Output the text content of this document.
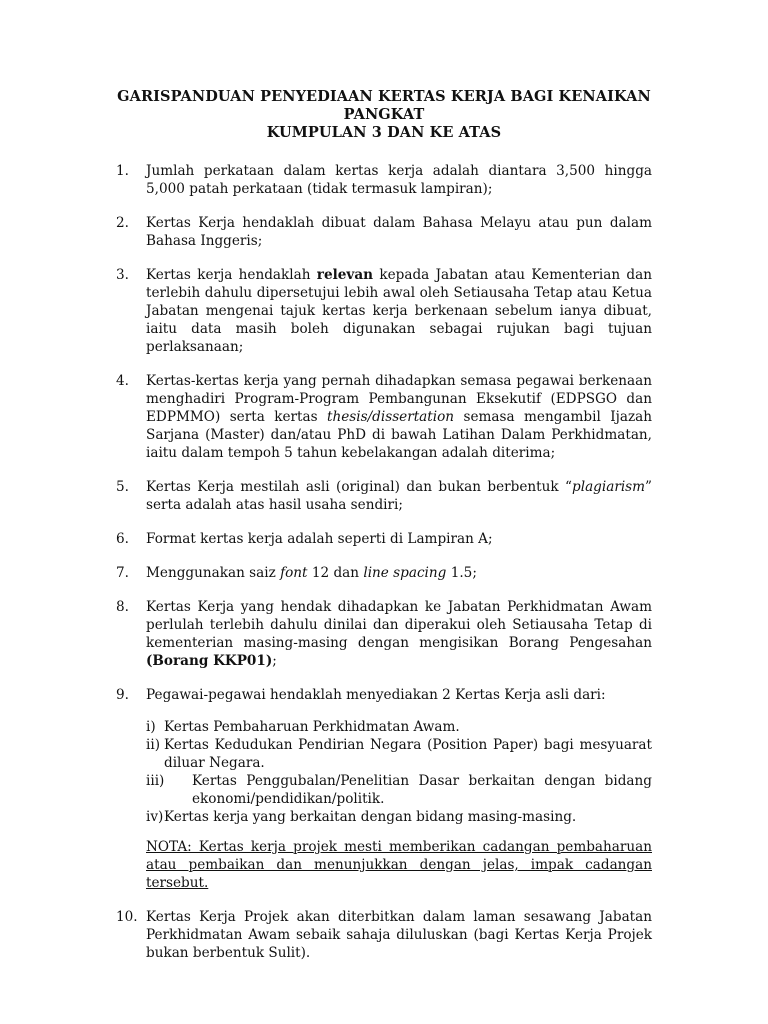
GARISPANDUAN PENYEDIAAN KERTAS KERJA BAGI KENAIKAN PANGKAT
KUMPULAN 3 DAN KE ATAS
1.	Jumlah perkataan dalam kertas kerja adalah diantara 3,500 hingga 5,000 patah perkataan (tidak termasuk lampiran);
2.	Kertas Kerja hendaklah dibuat dalam Bahasa Melayu atau pun dalam Bahasa Inggeris;
3.	Kertas kerja hendaklah relevan kepada Jabatan atau Kementerian dan terlebih dahulu dipersetujui lebih awal oleh Setiausaha Tetap atau Ketua Jabatan mengenai tajuk kertas kerja berkenaan sebelum ianya dibuat, iaitu data masih boleh digunakan sebagai rujukan bagi tujuan perlaksanaan;
4.	Kertas-kertas kerja yang pernah dihadapkan semasa pegawai berkenaan menghadiri Program-Program Pembangunan Eksekutif (EDPSGO dan EDPMMO) serta kertas thesis/dissertation semasa mengambil Ijazah Sarjana (Master) dan/atau PhD di bawah Latihan Dalam Perkhidmatan, iaitu dalam tempoh 5 tahun kebelakangan adalah diterima;
5.	Kertas Kerja mestilah asli (original) dan bukan berbentuk “plagiarism” serta adalah atas hasil usaha sendiri;
6.	Format kertas kerja adalah seperti di Lampiran A;
7.	Menggunakan saiz font 12 dan line spacing 1.5;
8.	Kertas Kerja yang hendak dihadapkan ke Jabatan Perkhidmatan Awam perlulah terlebih dahulu dinilai dan diperakui oleh Setiausaha Tetap di kementerian masing-masing dengan mengisikan Borang Pengesahan (Borang KKP01);
9.	Pegawai-pegawai hendaklah menyediakan 2 Kertas Kerja asli dari:
i) Kertas Pembaharuan Perkhidmatan Awam.
ii) Kertas Kedudukan Pendirian Negara (Position Paper) bagi mesyuarat diluar Negara.
iii)	Kertas Penggubalan/Penelitian Dasar berkaitan dengan bidang ekonomi/pendidikan/politik.
iv) Kertas kerja yang berkaitan dengan bidang masing-masing.
NOTA: Kertas kerja projek mesti memberikan cadangan pembaharuan atau pembaikan dan menunjukkan dengan jelas, impak cadangan tersebut.
10. Kertas Kerja Projek akan diterbitkan dalam laman sesawang Jabatan Perkhidmatan Awam sebaik sahaja diluluskan (bagi Kertas Kerja Projek bukan berbentuk Sulit).
